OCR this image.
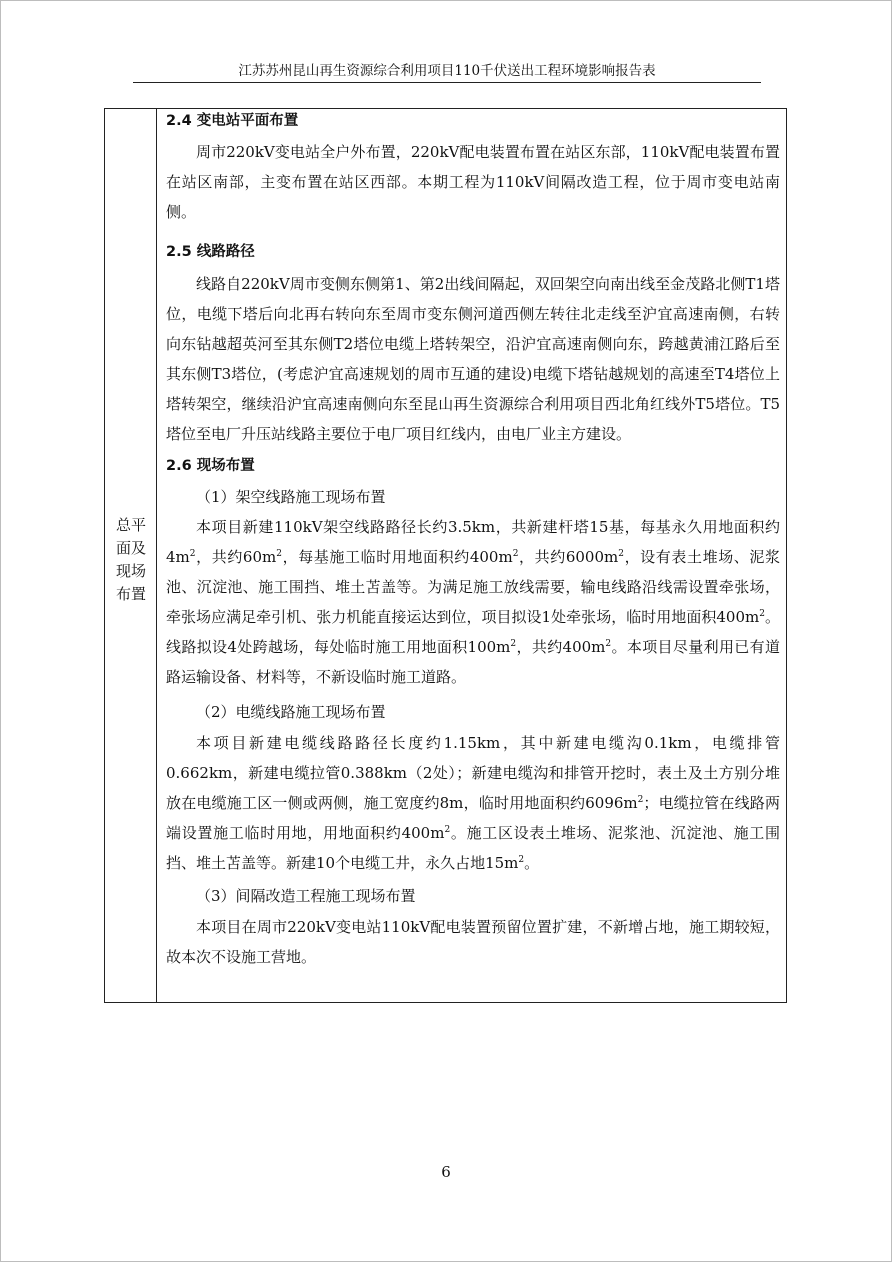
江苏苏州昆山再生资源综合利用项目110千伏送出工程环境影响报告表
总平
面及
现场
布置
2.4 变电站平面布置

周市220kV变电站全户外布置，220kV配电装置布置在站区东部，110kV配电装置布置在站区南部，主变布置在站区西部。本期工程为110kV间隔改造工程，位于周市变电站南侧。

2.5 线路路径

线路自220kV周市变侧东侧第1、第2出线间隔起，双回架空向南出线至金茂路北侧T1塔位，电缆下塔后向北再右转向东至周市变东侧河道西侧左转往北走线至沪宜高速南侧，右转向东钻越超英河至其东侧T2塔位电缆上塔转架空，沿沪宜高速南侧向东，跨越黄浦江路后至其东侧T3塔位，(考虑沪宜高速规划的周市互通的建设)电缆下塔钻越规划的高速至T4塔位上塔转架空，继续沿沪宜高速南侧向东至昆山再生资源综合利用项目西北角红线外T5塔位。T5塔位至电厂升压站线路主要位于电厂项目红线内，由电厂业主方建设。

2.6 现场布置
（1）架空线路施工现场布置

本项目新建110kV架空线路路径长约3.5km，共新建杆塔15基，每基永久用地面积约$4m^2$，共约$60m^2$，每基施工临时用地面积约$400m^2$，共约$6000m^2$，设有表土堆场、泥浆池、沉淀池、施工围挡、堆土苫盖等。为满足施工放线需要，输电线路沿线需设置牵张场，牵张场应满足牵引机、张力机能直接运达到位，项目拟设1处牵张场，临时用地面积$400m^2$。线路拟设4处跨越场，每处临时施工用地面积$100m^2$，共约$400m^2$。本项目尽量利用已有道路运输设备、材料等，不新设临时施工道路。

（2）电缆线路施工现场布置

本项目新建电缆线路路径长度约1.15km，其中新建电缆沟0.1km，电缆排管0.662km，新建电缆拉管0.388km（2处）；新建电缆沟和排管开挖时，表土及土方别分堆放在电缆施工区一侧或两侧，施工宽度约8m，临时用地面积约$6096m^2$；电缆拉管在线路两端设置施工临时用地，用地面积约$400m^2$。施工区设表土堆场、泥浆池、沉淀池、施工围挡、堆土苫盖等。新建10个电缆工井，永久占地$15m^2$。

（3）间隔改造工程施工现场布置

本项目在周市220kV变电站110kV配电装置预留位置扩建，不新增占地，施工期较短，故本次不设施工营地。

6
